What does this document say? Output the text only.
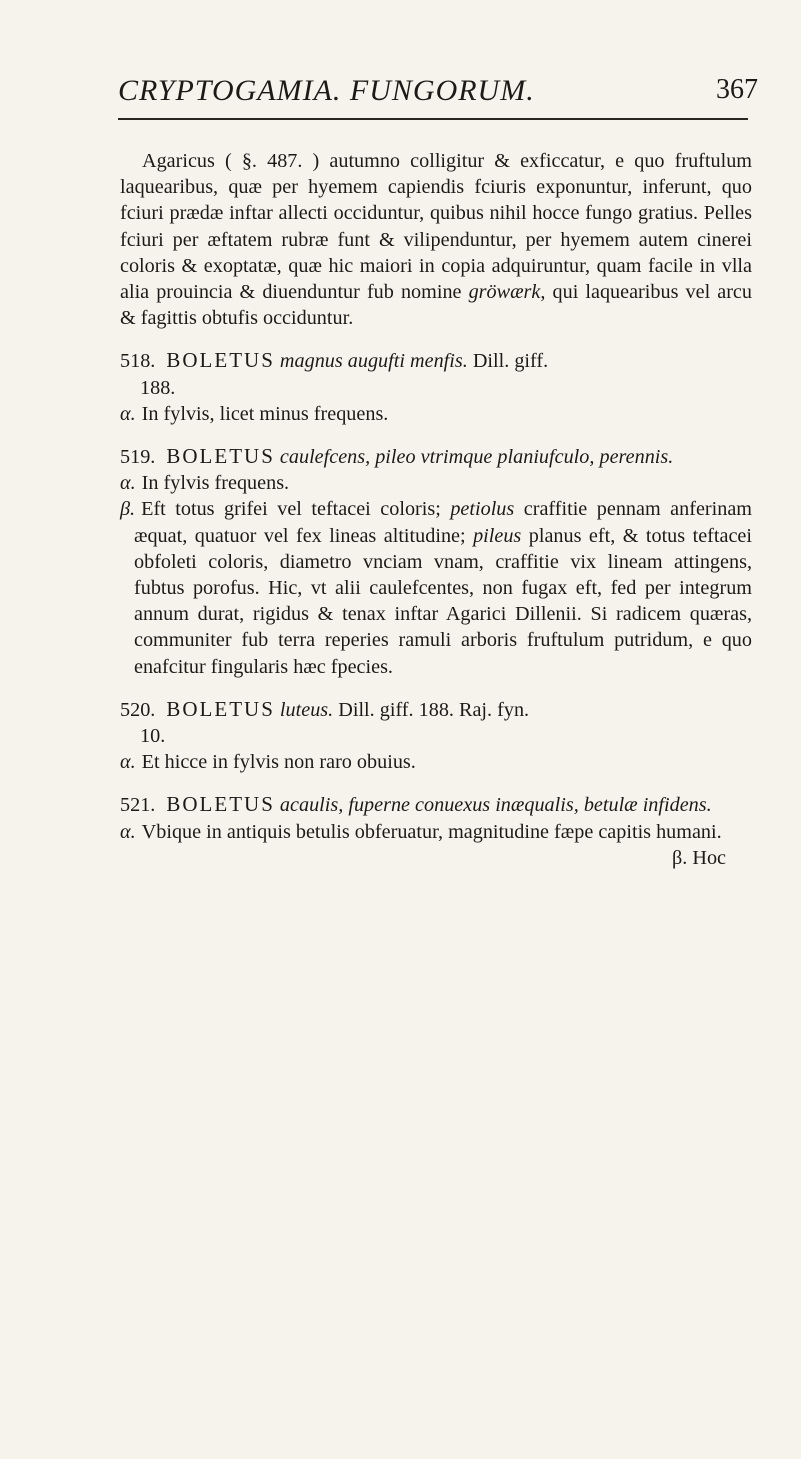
CRYPTOGAMIA. FUNGORUM.	367

Agaricus ( §. 487. ) autumno colligitur & exficcatur, e quo fruftulum laquearibus, quæ per hyemem capiendis fciuris exponuntur, inferunt, quo fciuri prædæ inftar allecti occiduntur, quibus nihil hocce fungo gratius. Pelles fciuri per æftatem rubræ funt & vilipenduntur, per hyemem autem cinerei coloris & exoptatæ, quæ hic maiori in copia adquiruntur, quam facile in vlla alia prouincia & diuenduntur fub nomine gröwærk, qui laquearibus vel arcu & fagittis obtufis occiduntur.

518. BOLETUS magnus augufti menfis. Dill. giff.
188.
α. In fylvis, licet minus frequens.
519. BOLETUS caulefcens, pileo vtrimque planiufculo, perennis.
α. In fylvis frequens.
β. Eft totus grifei vel teftacei coloris; petiolus craffitie pennam anferinam æquat, quatuor vel fex lineas altitudine; pileus planus eft, & totus teftacei obfoleti coloris, diametro vnciam vnam, craffitie vix lineam attingens, fubtus porofus. Hic, vt alii caulefcentes, non fugax eft, fed per integrum annum durat, rigidus & tenax inftar Agarici Dillenii. Si radicem quæras, communiter fub terra reperies ramuli arboris fruftulum putridum, e quo enafcitur fingularis hæc fpecies.
520. BOLETUS luteus. Dill. giff. 188. Raj. fyn.
10.
α. Et hicce in fylvis non raro obuius.
521. BOLETUS acaulis, fuperne conuexus inæqualis, betulæ infidens.
α. Vbique in antiquis betulis obferuatur, magnitudine fæpe capitis humani.
β. Hoc
